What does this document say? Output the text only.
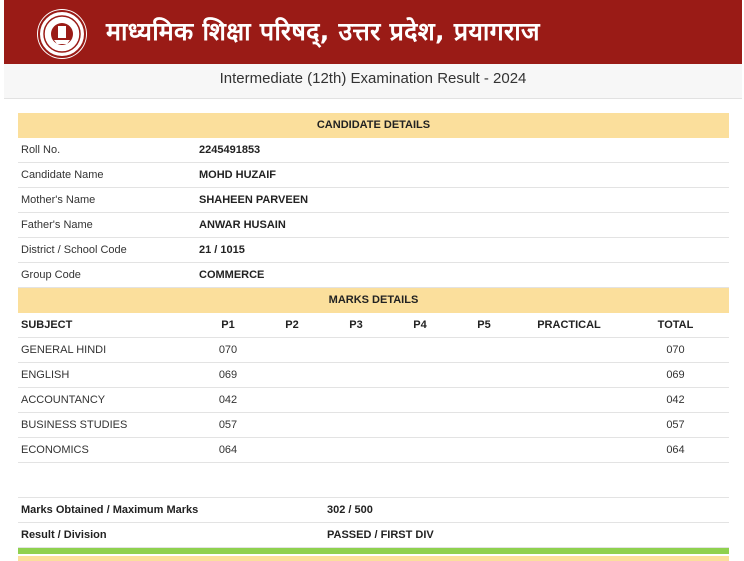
माध्यमिक शिक्षा परिषद्, उत्तर प्रदेश, प्रयागराज
Intermediate (12th) Examination Result - 2024
CANDIDATE DETAILS
Roll No.	2245491853
Candidate Name	MOHD HUZAIF
Mother's Name	SHAHEEN PARVEEN
Father's Name	ANWAR HUSAIN
District / School Code	21 / 1015
Group Code	COMMERCE
MARKS DETAILS
SUBJECT	P1	P2	P3	P4	P5	PRACTICAL	TOTAL
GENERAL HINDI	070						070
ENGLISH	069						069
ACCOUNTANCY	042						042
BUSINESS STUDIES	057						057
ECONOMICS	064						064
Marks Obtained / Maximum Marks	302 / 500
Result / Division	PASSED / FIRST DIV
